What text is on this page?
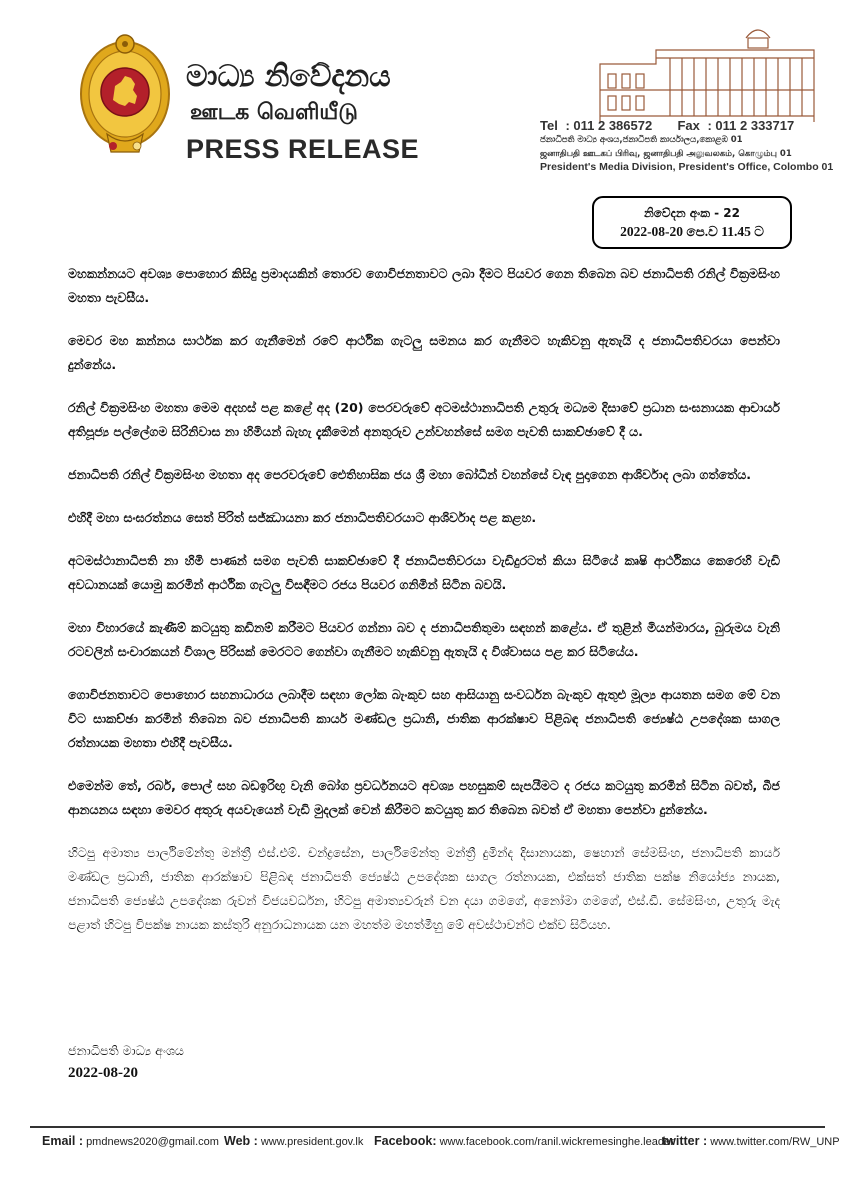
මාධ්‍ය නිවේදනය
ஊடக வெளியீடு
PRESS RELEASE
Tel : 011 2 386572 Fax : 011 2 333717
ජනාධිපති මාධ්‍ය අංශය,ජනාධිපති කාර්යාලය,කොළඹ 01
ஜனாதிபதி ஊடகப் பிரிவு, ஜனாதிபதி அலுவலகம், கொழும்பு 01
President's Media Division, President's Office, Colombo 01
නිවේදන අංක - 22
2022-08-20 පෙ.ව 11.45 ට

මහකන්නයට අවශ්‍ය පොහොර කිසිදු ප්‍රමාදයකින් තොරව ගොවිජනතාවට ලබා දීමට පියවර ගෙන තිබෙන බව ජනාධිපති රනිල් වික්‍රමසිංහ මහතා පැවසීය.

මෙවර මහ කන්නය සාර්ථක කර ගැනීමෙන් රටේ ආර්ථික ගැටලු සමනය කර ගැනීමට හැකිවනු ඇතැයි ද ජනාධිපතිවරයා පෙන්වා දුන්නේය.

රනිල් වික්‍රමසිංහ මහතා මෙම අදහස් පළ කළේ අද (20) පෙරවරුවේ අටමස්ථානාධිපති උතුරු මධ්‍යම දිසාවේ ප්‍රධාන සංඝනායක ආචාර්ය අතිපූජ්‍ය පල්ලේගම සිරිනිවාස නා හිමියන් බැහැ දැකීමෙන් අනතුරුව උන්වහන්සේ සමග පැවති සාකච්ඡාවේ දී ය.

ජනාධිපති රනිල් වික්‍රමසිංහ මහතා අද පෙරවරුවේ ඓතිහාසික ජය ශ්‍රී මහා බෝධීන් වහන්සේ වැඳ පුදාගෙන ආශිර්වාද ලබා ගත්තේය.

එහිදී මහා සංඝරත්නය සෙත් පිරිත් සජ්ඣායනා කර ජනාධිපතිවරයාට ආශිර්වාද පළ කළහ.

අටමස්ථානාධිපති නා හිමි පාණන් සමග පැවති සාකච්ඡාවේ දී ජනාධිපතිවරයා වැඩිදුරටත් කියා සිටියේ කෘෂි ආර්ථිකය කෙරෙහි වැඩි අවධානයක් යොමු කරමින් ආර්ථික ගැටලු විසඳීමට රජය පියවර ගනිමින් සිටින බවයි.

මහා විහාරයේ කැණීම් කටයුතු කඩිනම් කරීමට පියවර ගන්නා බව ද ජනාධිපතිතුමා සඳහන් කළේය. ඒ තුළින් මියන්මාරය, බුරුමය වැනි රටවලින් සංචාරකයන් විශාල පිරිසක් මෙරටට ගෙන්වා ගැනීමට හැකිවනු ඇතැයි ද විශ්වාසය පළ කර සිටියේය.

ගොවිජනතාවට පොහොර සහනාධාරය ලබාදීම සඳහා ලෝක බැංකුව සහ ආසියානු සංවර්ධන බැංකුව ඇතුළු මූල්‍ය ආයතන සමග මේ වන විට සාකච්ඡා කරමින් තිබෙන බව ජනාධිපති කාර්ය මණ්ඩල ප්‍රධානි, ජාතික ආරක්ෂාව පිළිබඳ ජනාධිපති ජ්‍යෙෂ්ඨ උපදේශක සාගල රත්නායක මහතා එහිදී පැවසීය.

එමෙන්ම තේ, රබර්, පොල් සහ බඩඉරිඟු වැනි බෝග ප්‍රවර්ධනයට අවශ්‍ය පහසුකම් සැපයීමට ද රජය කටයුතු කරමින් සිටින බවත්, බීජ ආනයනය සඳහා මෙවර අතුරු අයවැයෙන් වැඩි මුදලක් වෙන් කිරීමට කටයුතු කර තිබෙන බවත් ඒ මහතා පෙන්වා දුන්නේය.

හිටපු අමාත්‍ය පාර්ලිමේන්තු මන්ත්‍රී එස්.එම්. චන්ද්‍රසේන, පාර්ලිමේන්තු මන්ත්‍රී දුමින්ද දිසානායක, ෂෙහාන් සේමසිංහ, ජනාධිපති කාර්ය මණ්ඩල ප්‍රධානි, ජාතික ආරක්ෂාව පිළිබඳ ජනාධිපති ජ්‍යෙෂ්ඨ උපදේශක සාගල රත්නායක, එක්සත් ජාතික පක්ෂ නියෝජ්‍ය නායක, ජනාධිපති ජ්‍යෙෂ්ඨ උපදේශක රුවන් විජයවර්ධන, හිටපු අමාත්‍යවරුන් වන දයා ගමගේ, අනෝමා ගමගේ, එස්.ඩී. සේමසිංහ, උතුරු මැද පළාත් හිටපු විපක්ෂ නායක කස්තුරි අනුරාධනායක යන මහත්ම මහත්මීහු මේ අවස්ථාවන්ට එක්ව සිටියහ.

ජනාධිපති මාධ්‍ය අංශය
2022-08-20
Email : pmdnews2020@gmail.com Web : www.president.gov.lk Facebook: www.facebook.com/ranil.wickremesinghe.leader
twitter : www.twitter.com/RW_UNP
